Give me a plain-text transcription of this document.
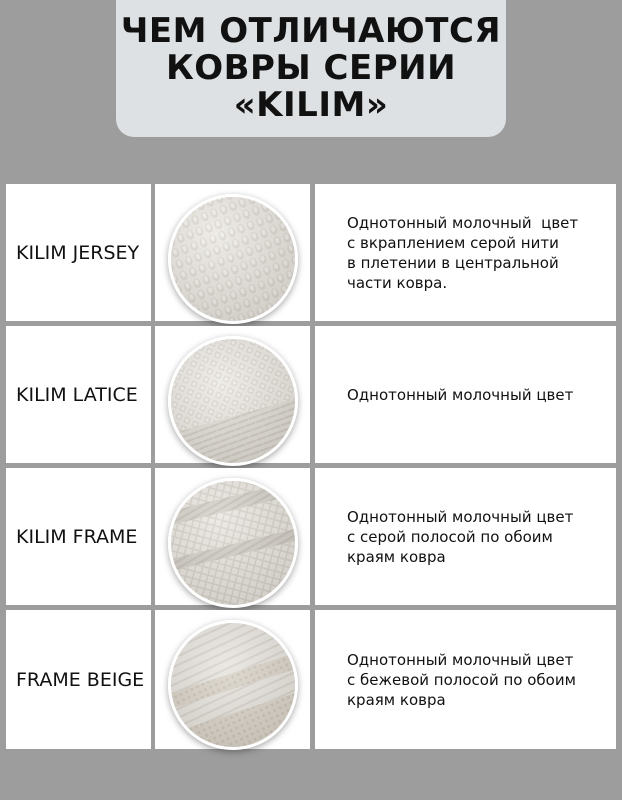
ЧЕМ ОТЛИЧАЮТСЯ
КОВРЫ СЕРИИ
«KILIM»
KILIM JERSEY
Однотонный молочный  цвет
с вкраплением серой нити
в плетении в центральной
части ковра.
KILIM LATICE	Однотонный молочный цвет
KILIM FRAME
Однотонный молочный цвет
с серой полосой по обоим
краям ковра
FRAME BEIGE
Однотонный молочный цвет
с бежевой полосой по обоим
краям ковра
